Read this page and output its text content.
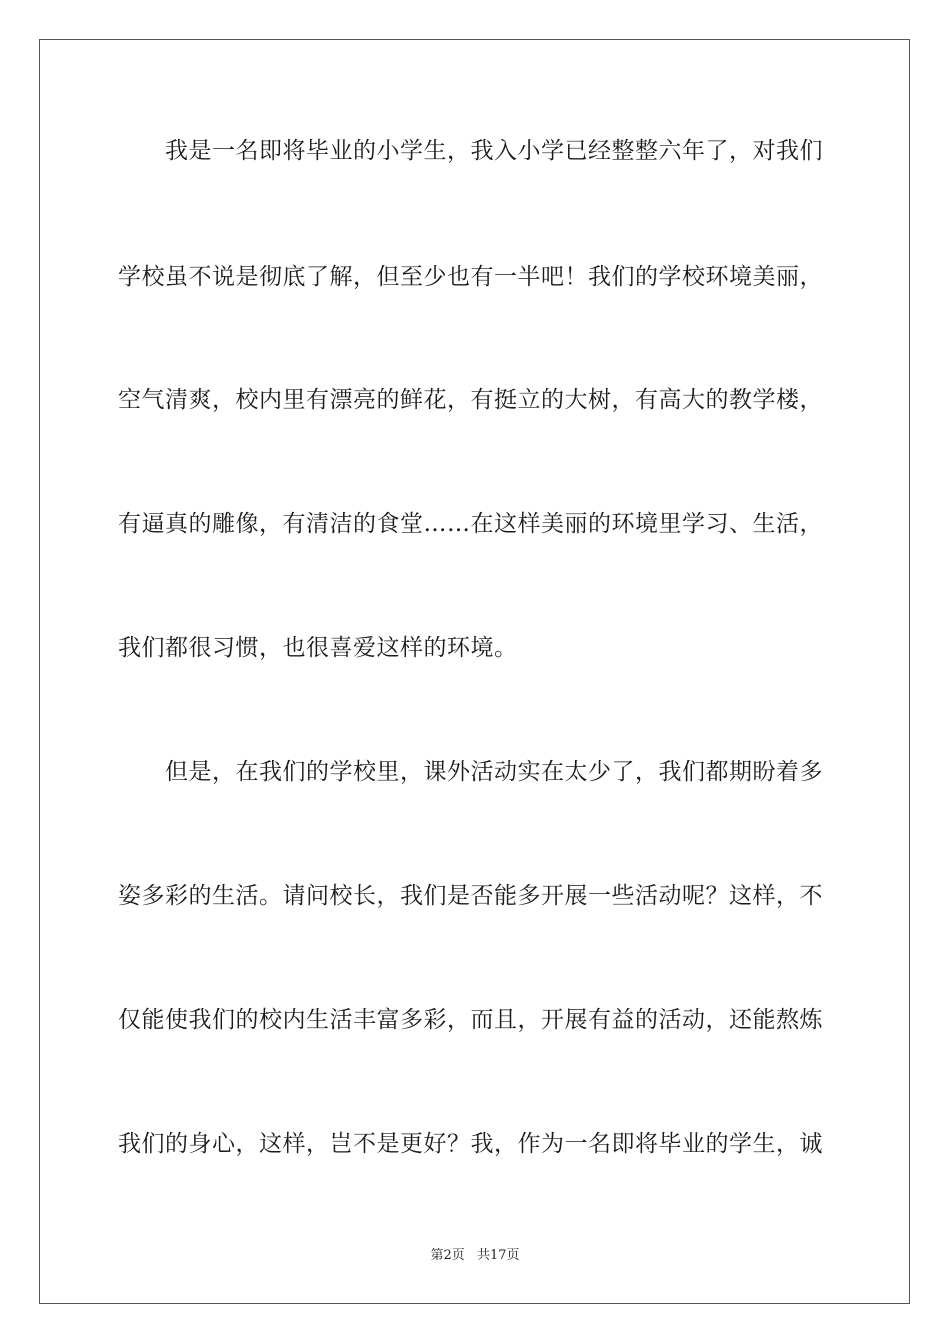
　　我是一名即将毕业的小学生，我入小学已经整整六年了，对我们
学校虽不说是彻底了解，但至少也有一半吧！我们的学校环境美丽，
空气清爽，校内里有漂亮的鲜花，有挺立的大树，有高大的教学楼，
有逼真的雕像，有清洁的食堂……在这样美丽的环境里学习、生活，
我们都很习惯，也很喜爱这样的环境。
　　但是，在我们的学校里，课外活动实在太少了，我们都期盼着多
姿多彩的生活。请问校长，我们是否能多开展一些活动呢？这样，不
仅能使我们的校内生活丰富多彩，而且，开展有益的活动，还能熬炼
我们的身心，这样，岂不是更好？我，作为一名即将毕业的学生，诚
第2页 共17页
